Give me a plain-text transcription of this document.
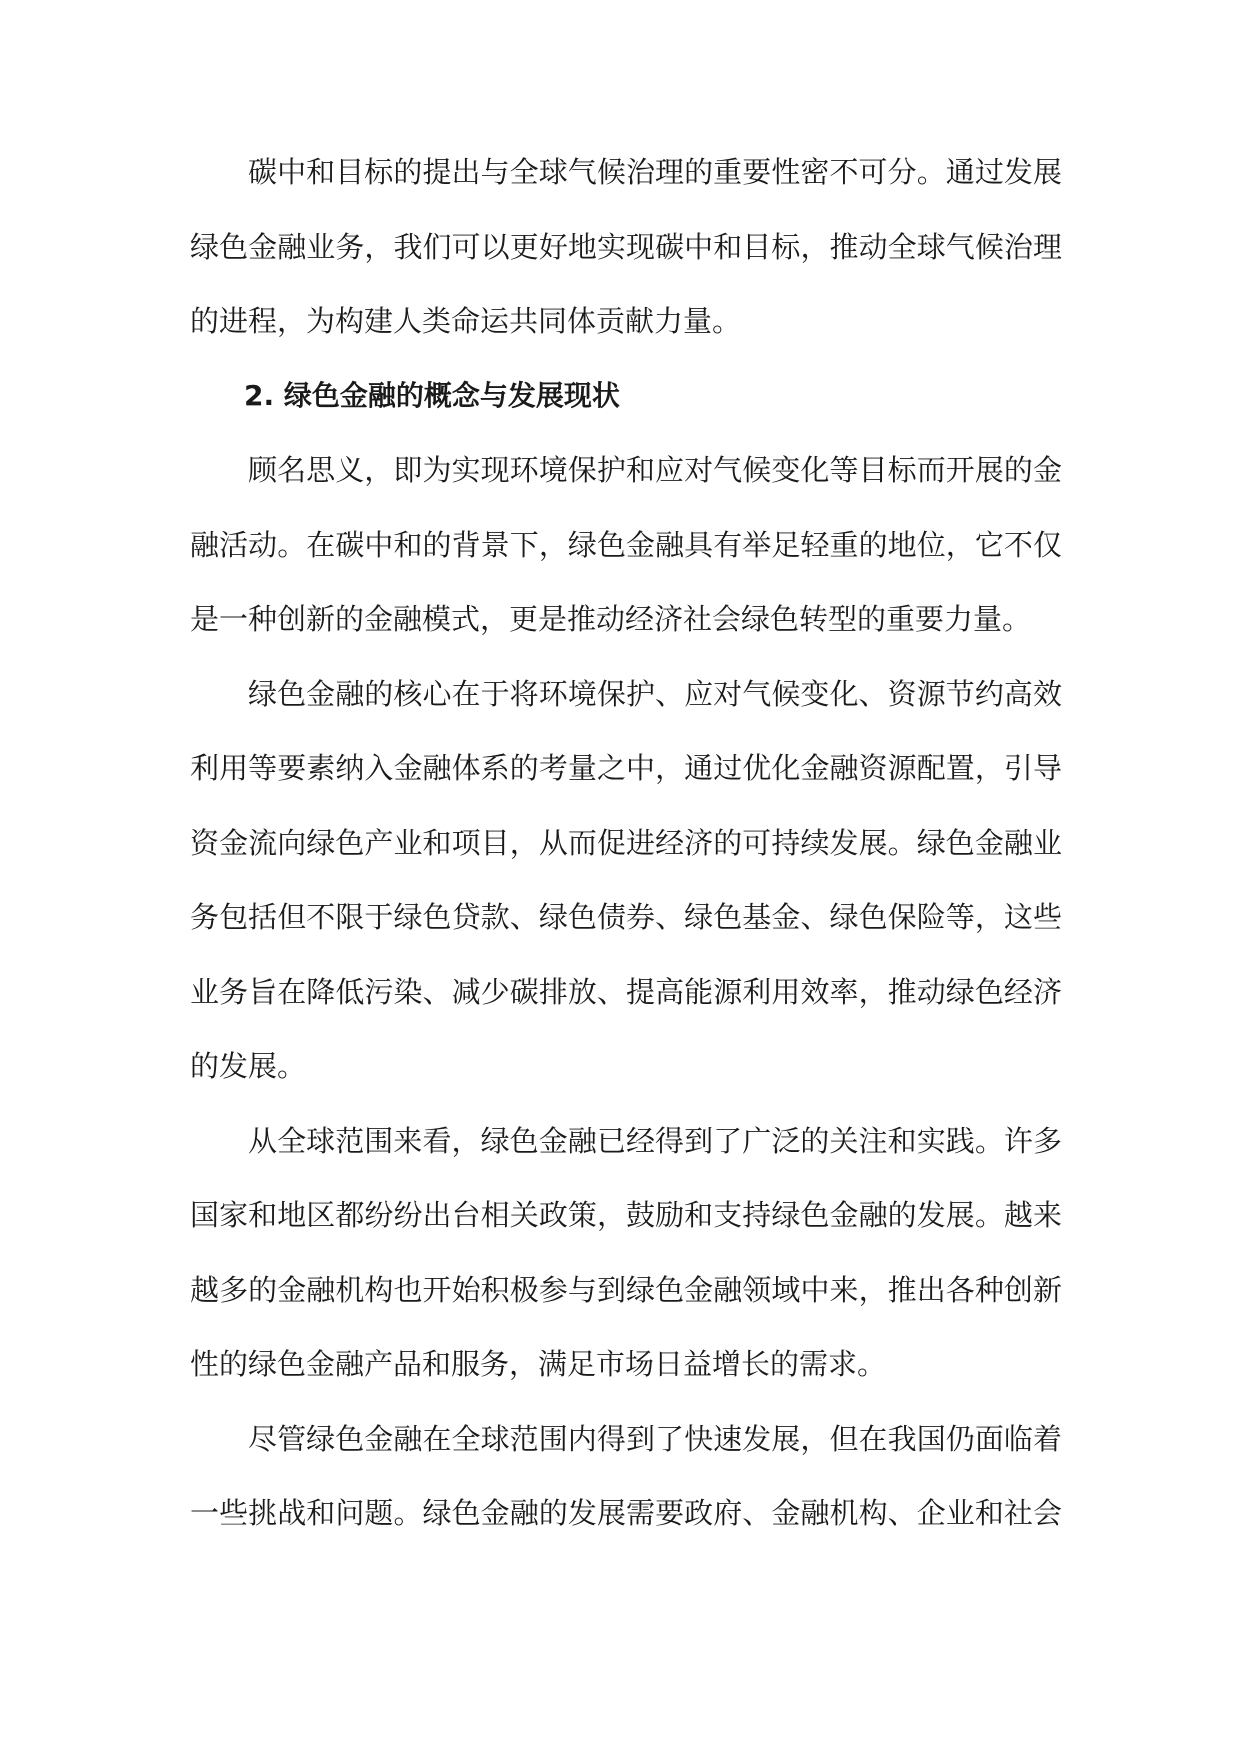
碳中和目标的提出与全球气候治理的重要性密不可分。通过发展
绿色金融业务，我们可以更好地实现碳中和目标，推动全球气候治理
的进程，为构建人类命运共同体贡献力量。
2. 绿色金融的概念与发展现状
顾名思义，即为实现环境保护和应对气候变化等目标而开展的金
融活动。在碳中和的背景下，绿色金融具有举足轻重的地位，它不仅
是一种创新的金融模式，更是推动经济社会绿色转型的重要力量。
绿色金融的核心在于将环境保护、应对气候变化、资源节约高效
利用等要素纳入金融体系的考量之中，通过优化金融资源配置，引导
资金流向绿色产业和项目，从而促进经济的可持续发展。绿色金融业
务包括但不限于绿色贷款、绿色债券、绿色基金、绿色保险等，这些
业务旨在降低污染、减少碳排放、提高能源利用效率，推动绿色经济
的发展。
从全球范围来看，绿色金融已经得到了广泛的关注和实践。许多
国家和地区都纷纷出台相关政策，鼓励和支持绿色金融的发展。越来
越多的金融机构也开始积极参与到绿色金融领域中来，推出各种创新
性的绿色金融产品和服务，满足市场日益增长的需求。
尽管绿色金融在全球范围内得到了快速发展，但在我国仍面临着
一些挑战和问题。绿色金融的发展需要政府、金融机构、企业和社会
